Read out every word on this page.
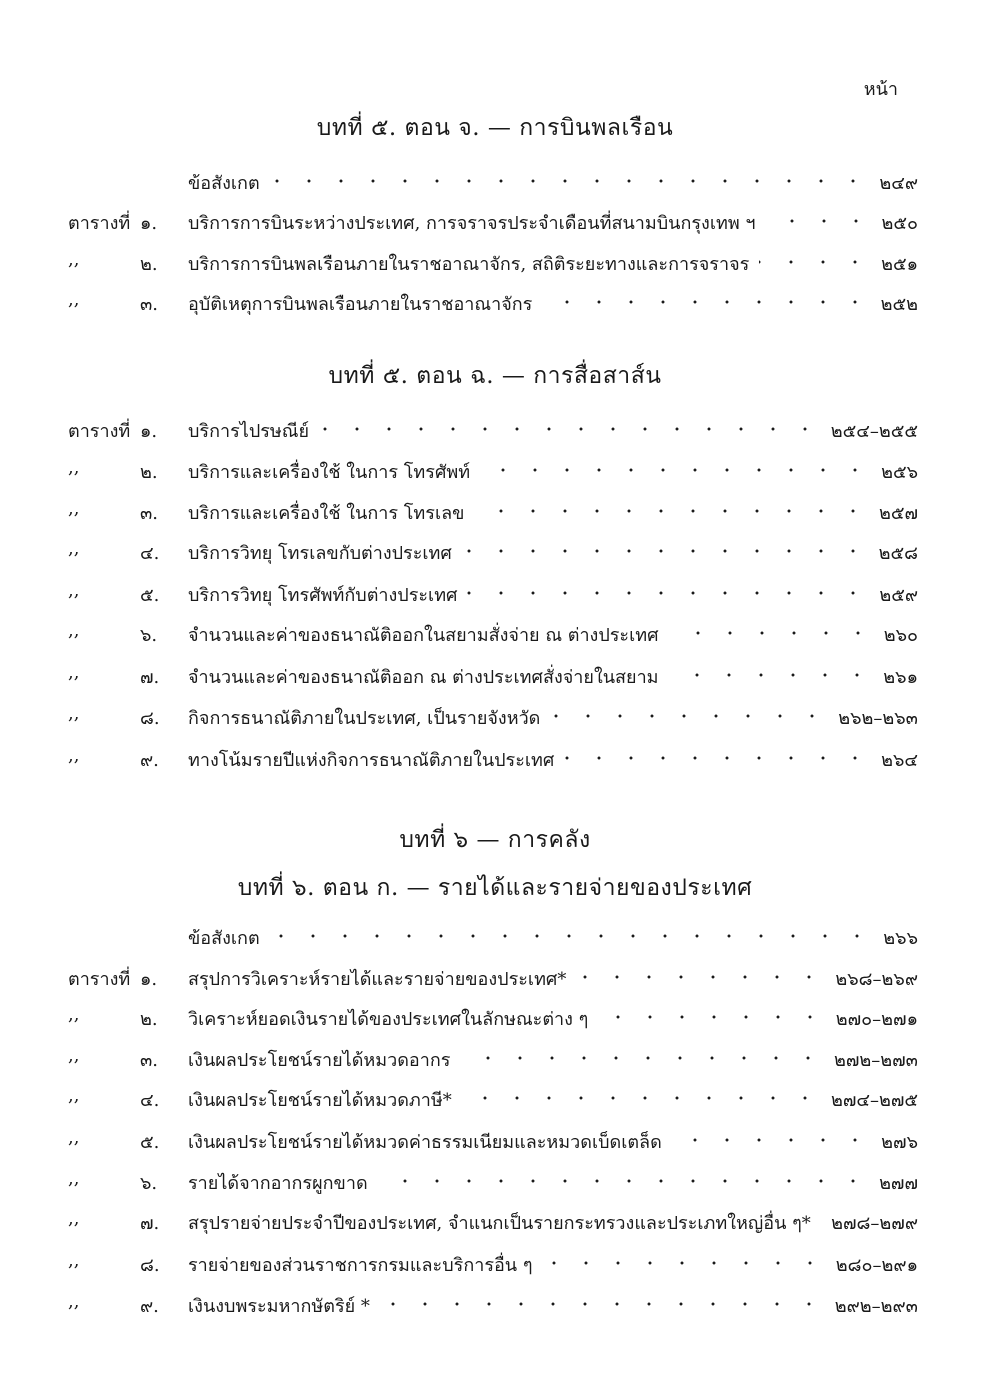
หน้า
บทที่ ๕. ตอน จ. — การบินพลเรือน
ข้อสังเกต	๒๔๙
ตารางที่ ๑. บริการการบินระหว่างประเทศ, การจราจรประจำเดือนที่สนามบินกรุงเทพ ฯ	๒๕๐
,,	๒. บริการการบินพลเรือนภายในราชอาณาจักร, สถิติระยะทางและการจราจร	๒๕๑
,,	๓. อุบัติเหตุการบินพลเรือนภายในราชอาณาจักร	๒๕๒
บทที่ ๕. ตอน ฉ. — การสื่อสาส์น
ตารางที่ ๑. บริการไปรษณีย์	๒๕๔–๒๕๕
,,	๒. บริการและเครื่องใช้ ในการ โทรศัพท์	๒๕๖
,,	๓. บริการและเครื่องใช้ ในการ โทรเลข	๒๕๗
,,	๔. บริการวิทยุ โทรเลขกับต่างประเทศ	๒๕๘
,,	๕. บริการวิทยุ โทรศัพท์กับต่างประเทศ	๒๕๙
,,	๖. จำนวนและค่าของธนาณัติออกในสยามสั่งจ่าย ณ ต่างประเทศ	๒๖๐
,,	๗. จำนวนและค่าของธนาณัติออก ณ ต่างประเทศสั่งจ่ายในสยาม	๒๖๑
,,	๘. กิจการธนาณัติภายในประเทศ, เป็นรายจังหวัด	๒๖๒–๒๖๓
,,	๙. ทางโน้มรายปีแห่งกิจการธนาณัติภายในประเทศ	๒๖๔
บทที่ ๖ — การคลัง
บทที่ ๖. ตอน ก. — รายได้และรายจ่ายของประเทศ
ข้อสังเกต	๒๖๖
ตารางที่ ๑. สรุปการวิเคราะห์รายได้และรายจ่ายของประเทศ*	๒๖๘–๒๖๙
,,	๒. วิเคราะห์ยอดเงินรายได้ของประเทศในลักษณะต่าง ๆ	๒๗๐–๒๗๑
,,	๓. เงินผลประโยชน์รายได้หมวดอากร	๒๗๒–๒๗๓
,,	๔. เงินผลประโยชน์รายได้หมวดภาษี*	๒๗๔–๒๗๕
,,	๕. เงินผลประโยชน์รายได้หมวดค่าธรรมเนียมและหมวดเบ็ดเตล็ด	๒๗๖
,,	๖. รายได้จากอากรผูกขาด	๒๗๗
,,	๗. สรุปรายจ่ายประจำปีของประเทศ, จำแนกเป็นรายกระทรวงและประเภทใหญ่อื่น ๆ* ๒๗๘–๒๗๙
,,	๘. รายจ่ายของส่วนราชการกรมและบริการอื่น ๆ	๒๘๐–๒๙๑
,,	๙. เงินงบพระมหากษัตริย์ *	๒๙๒–๒๙๓
